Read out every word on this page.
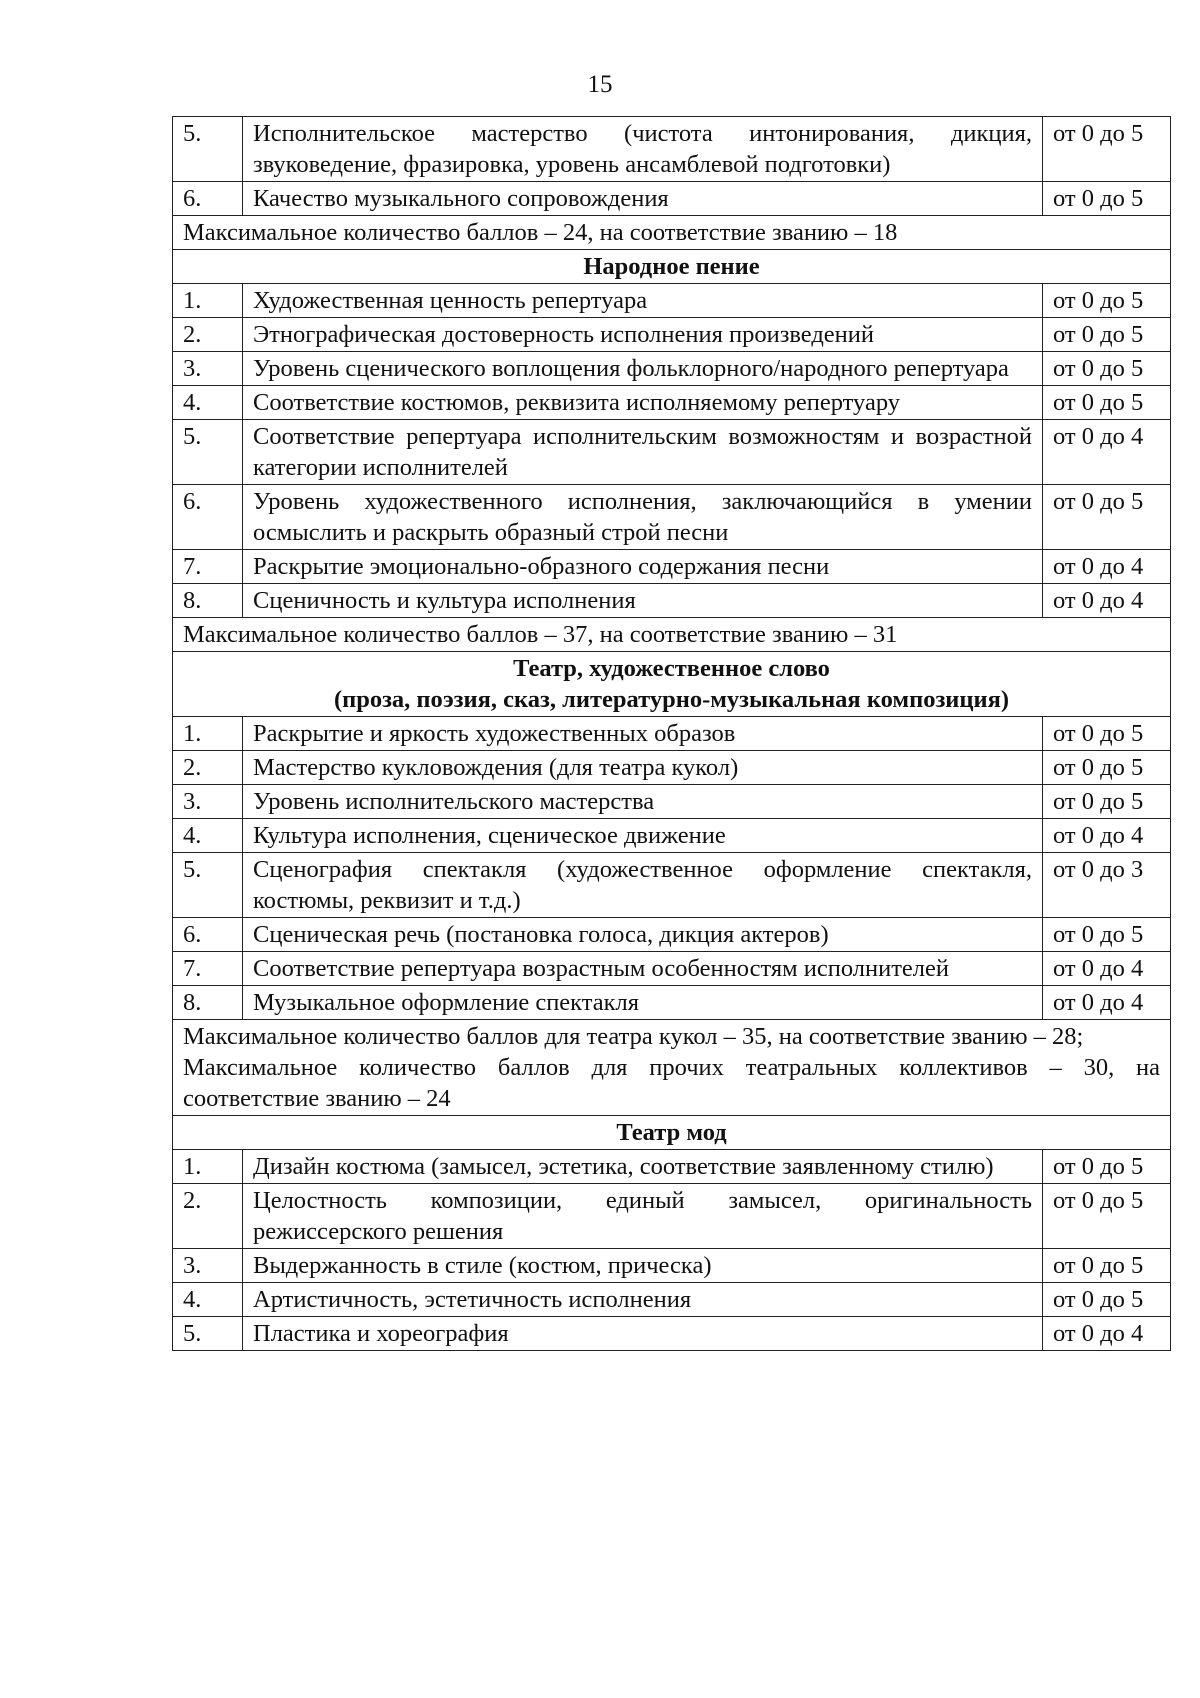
15
5.	Исполнительское мастерство (чистота интонирования, дикция, звуковедение, фразировка, уровень ансамблевой подготовки)	от 0 до 5
6.	Качество музыкального сопровождения	от 0 до 5

Максимальное количество баллов – 24, на соответствие званию – 18		

Народное пение		

1.	Художественная ценность репертуара	от 0 до 5
2.	Этнографическая достоверность исполнения произведений	от 0 до 5
3.	Уровень сценического воплощения фольклорного/народного репертуара	от 0 до 5
4.	Соответствие костюмов, реквизита исполняемому репертуару	от 0 до 5
5.	Соответствие репертуара исполнительским возможностям и возрастной категории исполнителей	от 0 до 4
6.	Уровень художественного исполнения, заключающийся в умении осмыслить и раскрыть образный строй песни	от 0 до 5
7.	Раскрытие эмоционально-образного содержания песни	от 0 до 4
8.	Сценичность и культура исполнения	от 0 до 4

Максимальное количество баллов – 37, на соответствие званию – 31		

Театр, художественное слово
(проза, поэзия, сказ, литературно-музыкальная композиция)		

1.	Раскрытие и яркость художественных образов	от 0 до 5
2.	Мастерство кукловождения (для театра кукол)	от 0 до 5
3.	Уровень исполнительского мастерства	от 0 до 5
4.	Культура исполнения, сценическое движение	от 0 до 4
5.	Сценография спектакля (художественное оформление спектакля, костюмы, реквизит и т.д.)	от 0 до 3
6.	Сценическая речь (постановка голоса, дикция актеров)	от 0 до 5
7.	Соответствие репертуара возрастным особенностям исполнителей	от 0 до 4
8.	Музыкальное оформление спектакля	от 0 до 4

Максимальное количество баллов для театра кукол – 35, на соответствие званию – 28;
Максимальное количество баллов для прочих театральных коллективов – 30, на соответствие званию – 24		

Театр мод		

1.	Дизайн костюма (замысел, эстетика, соответствие заявленному стилю)	от 0 до 5
2.	Целостность композиции, единый замысел, оригинальность режиссерского решения	от 0 до 5
3.	Выдержанность в стиле (костюм, прическа)	от 0 до 5
4.	Артистичность, эстетичность исполнения	от 0 до 5
5.	Пластика и хореография	от 0 до 4
